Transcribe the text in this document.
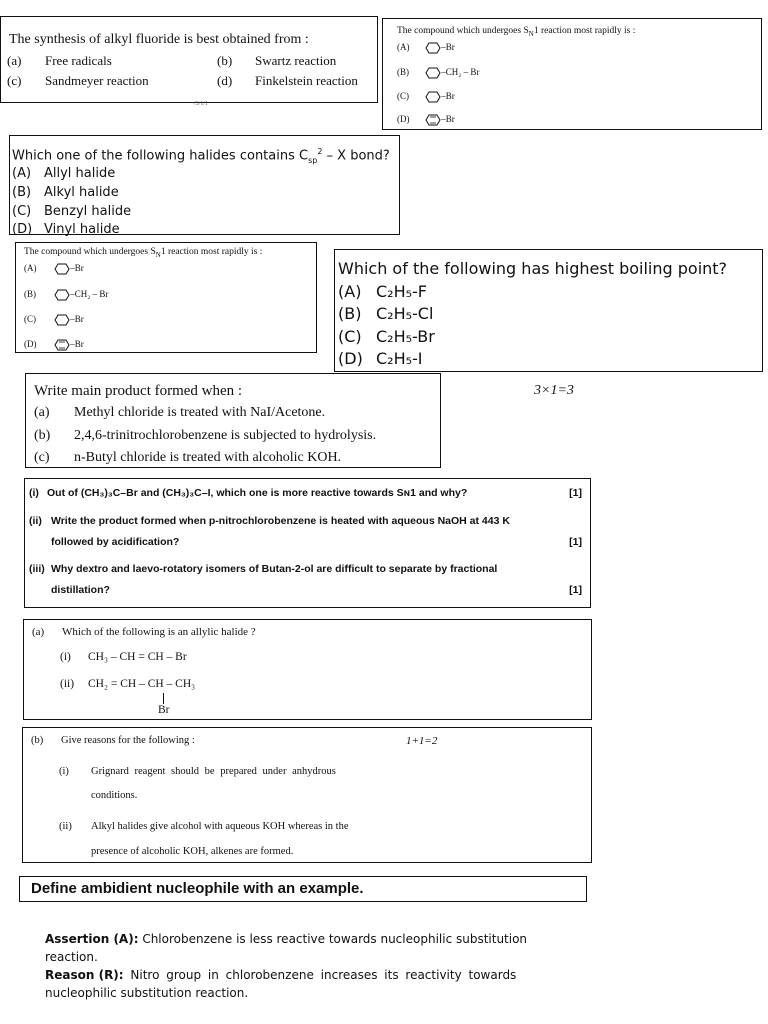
The synthesis of alkyl fluoride is best obtained from :
(a) Free radicals	(b) Swartz reaction
(c) Sandmeyer reaction	(d) Finkelstein reaction
/3/1/1
The compound which undergoes $S_N1$ reaction most rapidly is :
(A)	–Br
(B)	–CH₂ – Br
(C)	–Br
(D)	–Br
Which one of the following halides contains $C_{sp}^2$ – X bond?
(A) Allyl halide
(B) Alkyl halide
(C) Benzyl halide
(D) Vinyl halide
The compound which undergoes $S_N1$ reaction most rapidly is :
(A)	–Br
(B)	–CH₂ – Br
(C)	–Br
(D)	–Br
Which of the following has highest boiling point?
(A) C₂H₅-F
(B) C₂H₅-Cl
(C) C₂H₅-Br
(D) C₂H₅-I
Write main product formed when :
(a) Methyl chloride is treated with NaI/Acetone.
(b) 2,4,6-trinitrochlorobenzene is subjected to hydrolysis.
(c) n-Butyl chloride is treated with alcoholic KOH.
3×1=3
(i) Out of (CH₃)₃C–Br and (CH₃)₃C–I, which one is more reactive towards Sɴ1 and why?	[1]
(ii) Write the product formed when p-nitrochlorobenzene is heated with aqueous NaOH at 443 K
followed by acidification?	[1]
(iii) Why dextro and laevo-rotatory isomers of Butan-2-ol are difficult to separate by fractional
distillation?	[1]
(a) Which of the following is an allylic halide ?
(i) CH₃ – CH = CH – Br
(ii) CH₂ = CH – CH – CH₃
Br
(b) Give reasons for the following :	1+1=2
(i) Grignard reagent should be prepared under anhydrous
conditions.
(ii) Alkyl halides give alcohol with aqueous KOH whereas in the
presence of alcoholic KOH, alkenes are formed.
Define ambidient nucleophile with an example.
Assertion (A): Chlorobenzene is less reactive towards nucleophilic substitution
reaction.
Reason (R): Nitro group in chlorobenzene increases its reactivity towards
nucleophilic substitution reaction.
